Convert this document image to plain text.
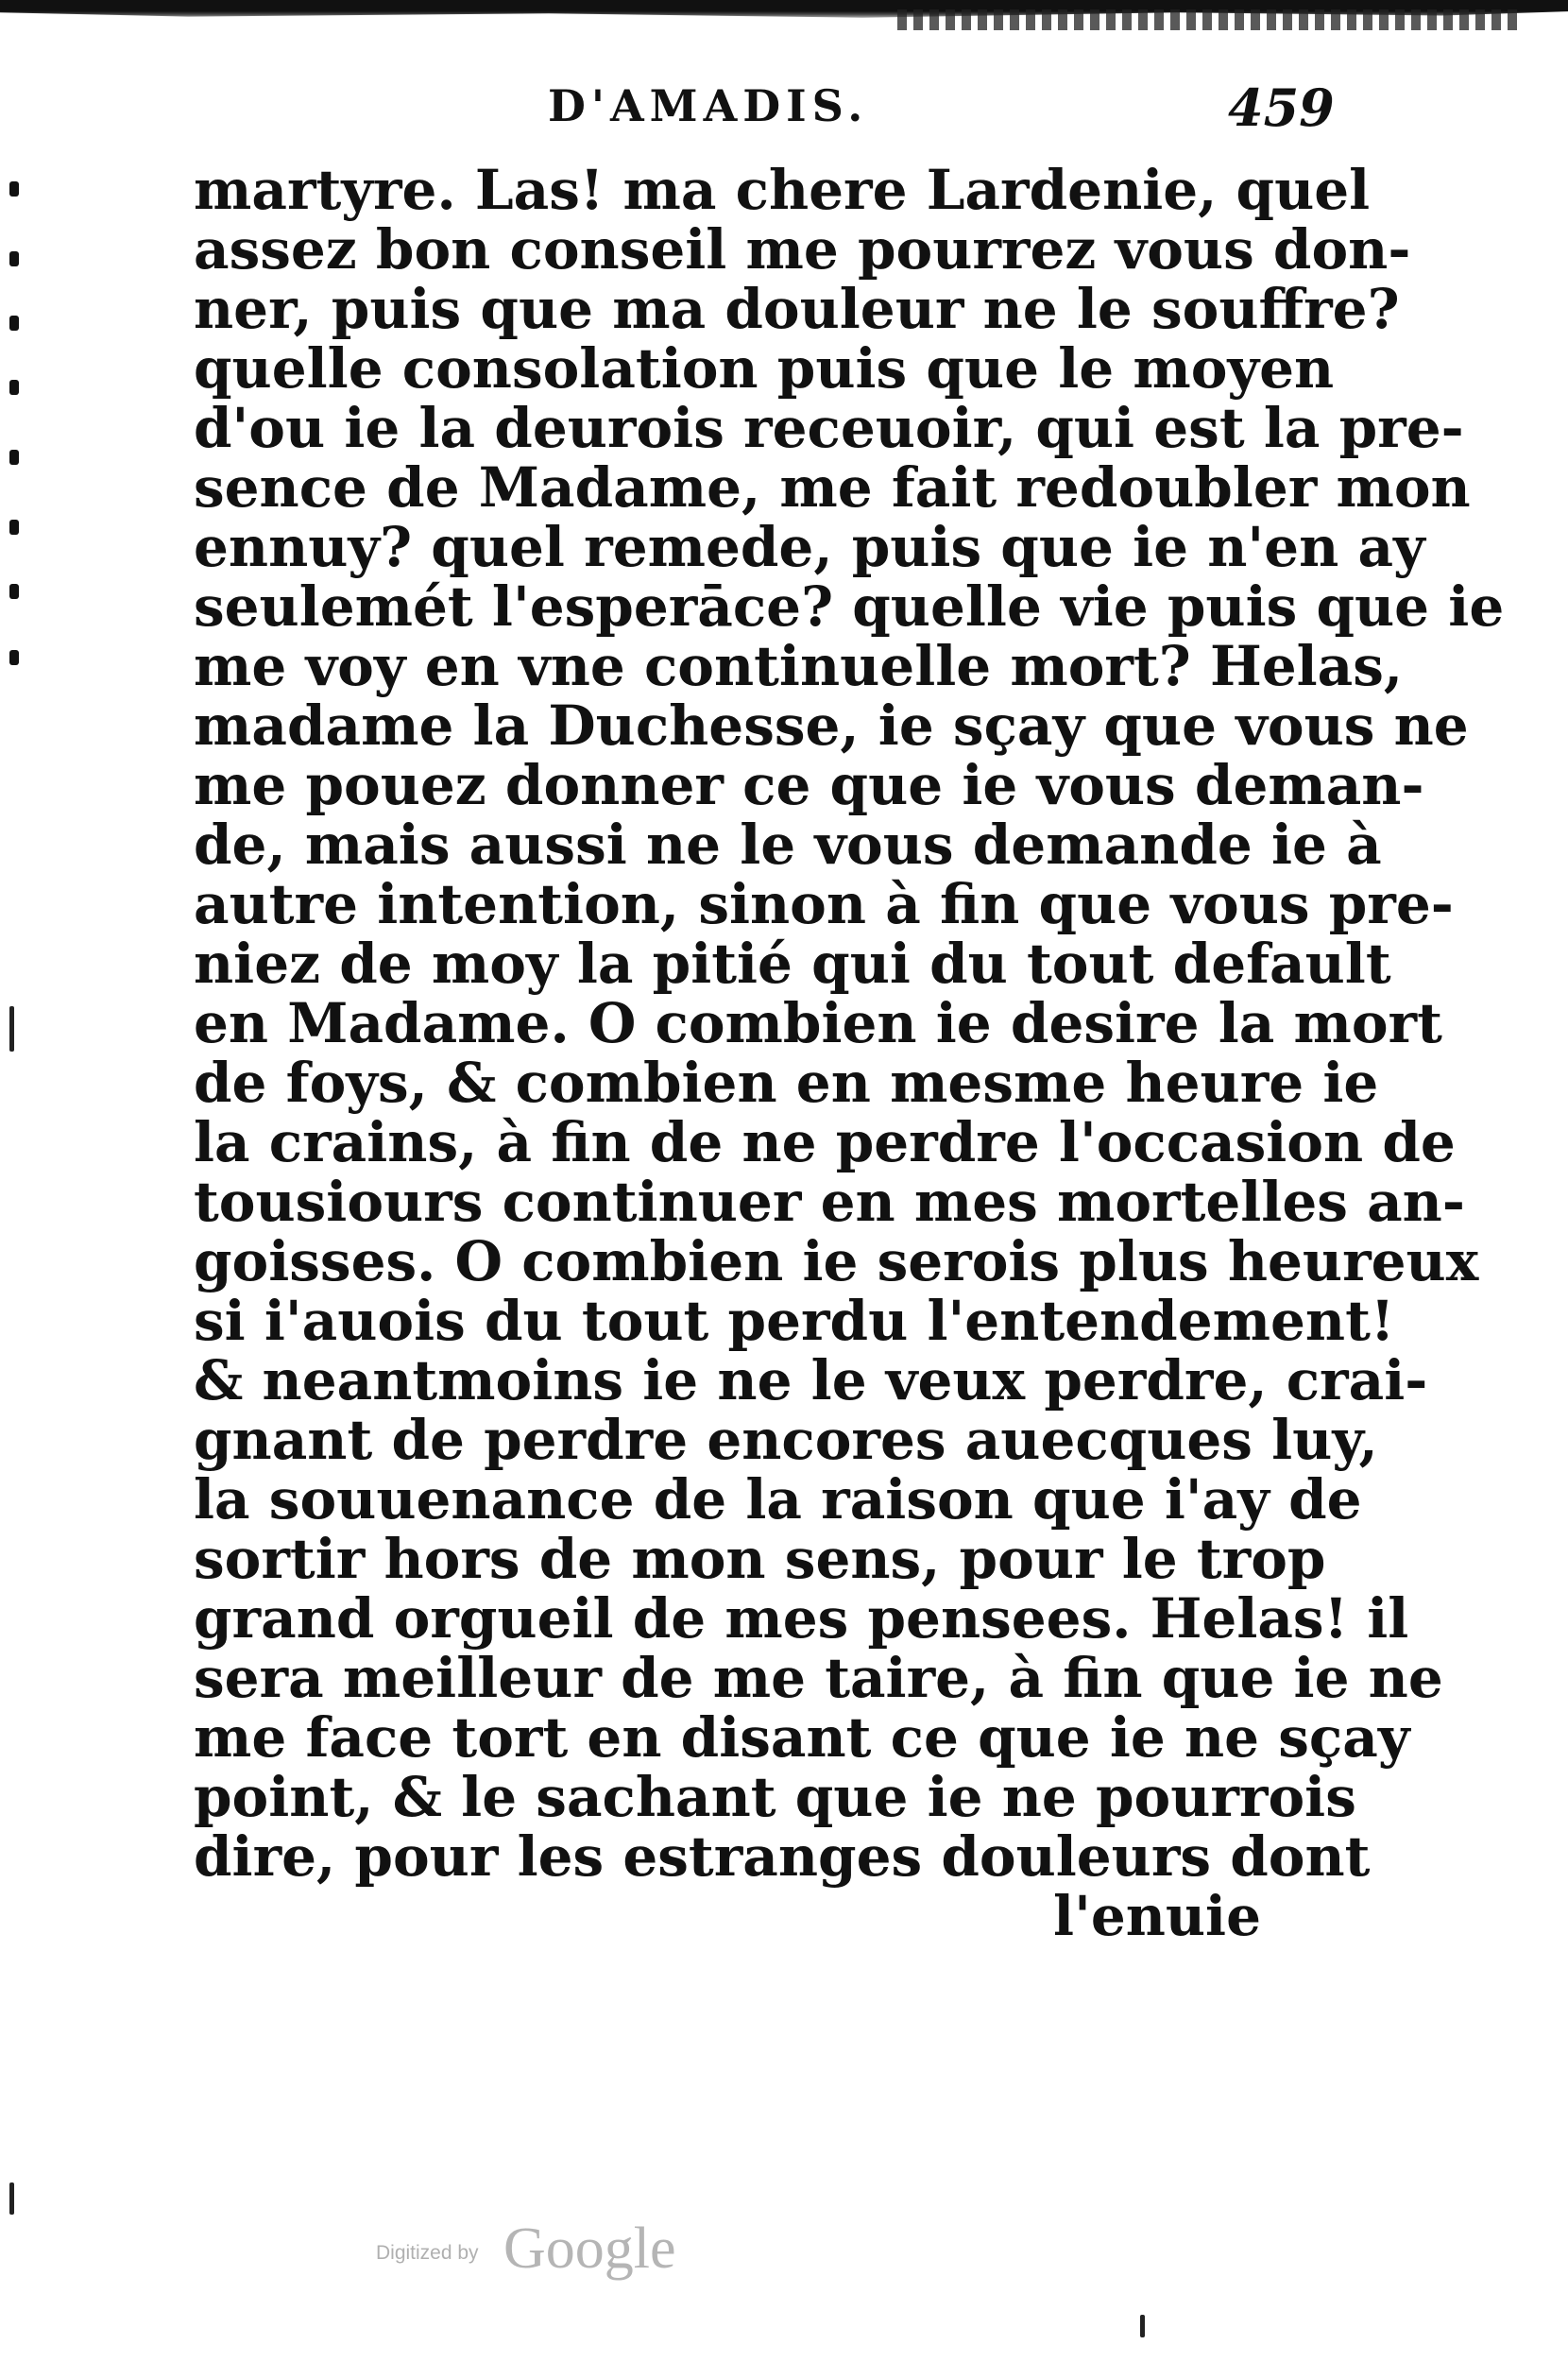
D'AMADIS.	459
martyre. Las! ma chere Lardenie, quel
assez bon conseil me pourrez vous don-
ner, puis que ma douleur ne le souffre?
quelle consolation puis que le moyen
d'ou ie la deurois receuoir, qui est la pre-
sence de Madame, me fait redoubler mon
ennuy? quel remede, puis que ie n'en ay
seulemét l'esperāce? quelle vie puis que ie
me voy en vne continuelle mort? Helas,
madame la Duchesse, ie sçay que vous ne
me pouez donner ce que ie vous deman-
de, mais aussi ne le vous demande ie à
autre intention, sinon à fin que vous pre-
niez de moy la pitié qui du tout default
en Madame. O combien ie desire la mort
de foys, & combien en mesme heure ie
la crains, à fin de ne perdre l'occasion de
tousiours continuer en mes mortelles an-
goisses. O combien ie serois plus heureux
si i'auois du tout perdu l'entendement!
& neantmoins ie ne le veux perdre, crai-
gnant de perdre encores auecques luy,
la souuenance de la raison que i'ay de
sortir hors de mon sens, pour le trop
grand orgueil de mes pensees. Helas! il
sera meilleur de me taire, à fin que ie ne
me face tort en disant ce que ie ne sçay
point, & le sachant que ie ne pourrois
dire, pour les estranges douleurs dont
l'enuie
Digitized by Google
